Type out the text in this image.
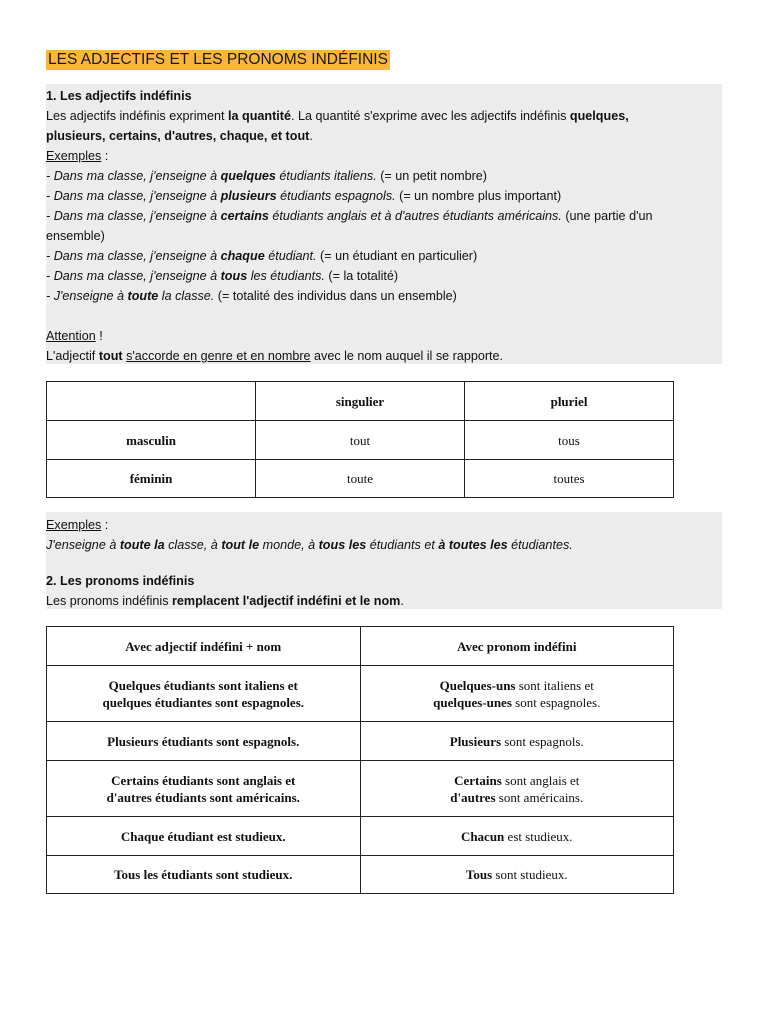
LES ADJECTIFS ET LES PRONOMS INDÉFINIS
1. Les adjectifs indéfinis
Les adjectifs indéfinis expriment la quantité. La quantité s'exprime avec les adjectifs indéfinis quelques,
plusieurs, certains, d'autres, chaque, et tout.
Exemples :
- Dans ma classe, j'enseigne à quelques étudiants italiens. (= un petit nombre)
- Dans ma classe, j'enseigne à plusieurs étudiants espagnols. (= un nombre plus important)
- Dans ma classe, j'enseigne à certains étudiants anglais et à d'autres étudiants américains. (une partie d'un
ensemble)
- Dans ma classe, j'enseigne à chaque étudiant. (= un étudiant en particulier)
- Dans ma classe, j'enseigne à tous les étudiants. (= la totalité)
- J'enseigne à toute la classe. (= totalité des individus dans un ensemble)
Attention !
L'adjectif tout s'accorde en genre et en nombre avec le nom auquel il se rapporte.
	singulier	pluriel
masculin	tout	tous
féminin	toute	toutes
Exemples :
J'enseigne à toute la classe, à tout le monde, à tous les étudiants et à toutes les étudiantes.
2. Les pronoms indéfinis
Les pronoms indéfinis remplacent l'adjectif indéfini et le nom.
Avec adjectif indéfini + nom	Avec pronom indéfini
Quelques étudiants sont italiens et
quelques étudiantes sont espagnoles.	Quelques-uns sont italiens et
quelques-unes sont espagnoles.
Plusieurs étudiants sont espagnols.	Plusieurs sont espagnols.
Certains étudiants sont anglais et
d'autres étudiants sont américains.	Certains sont anglais et
d'autres sont américains.
Chaque étudiant est studieux.	Chacun est studieux.
Tous les étudiants sont studieux.	Tous sont studieux.
